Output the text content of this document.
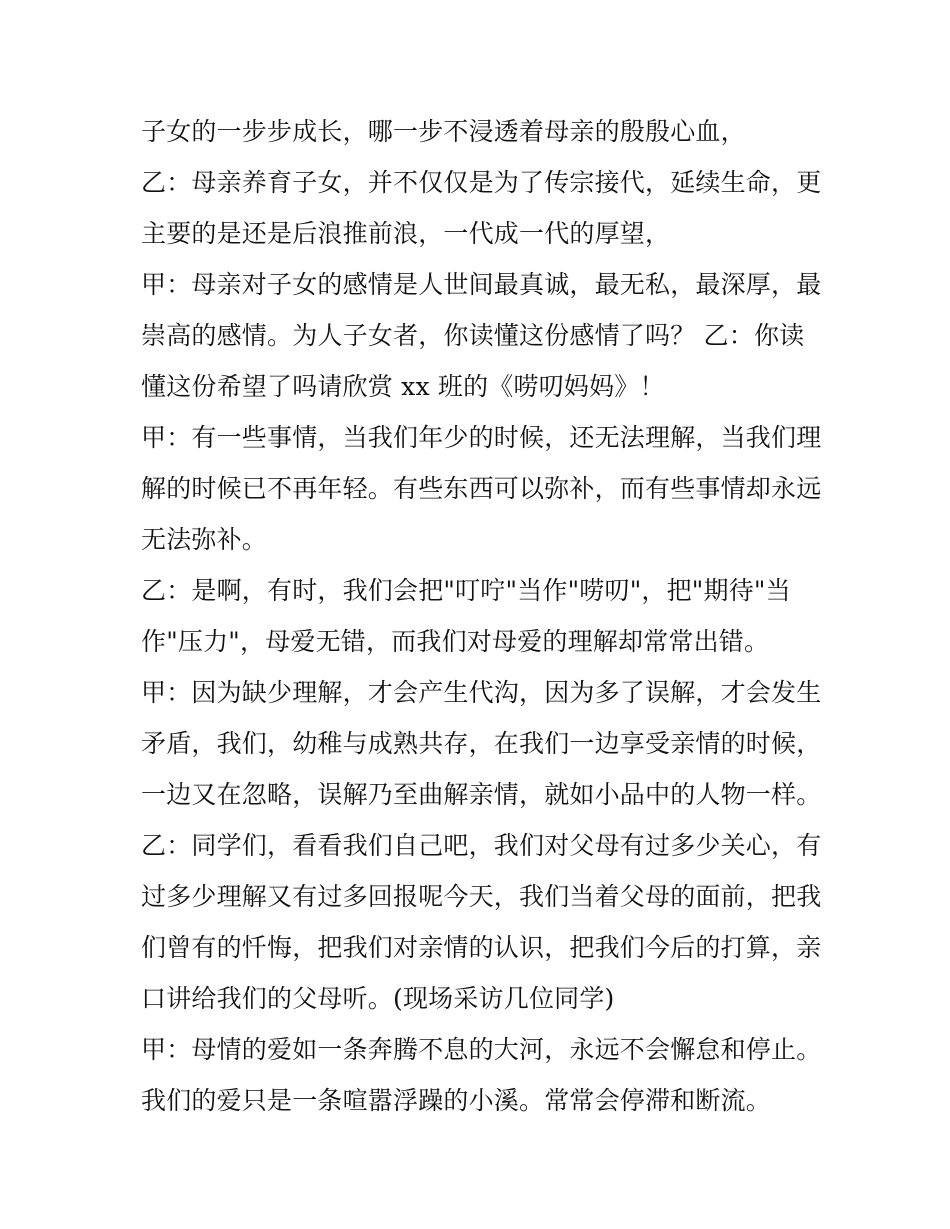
子女的一步步成长，哪一步不浸透着母亲的殷殷心血，
乙：母亲养育子女，并不仅仅是为了传宗接代，延续生命，更
主要的是还是后浪推前浪，一代成一代的厚望，
甲：母亲对子女的感情是人世间最真诚，最无私，最深厚，最
崇高的感情。为人子女者，你读懂这份感情了吗？ 乙：你读
懂这份希望了吗请欣赏 xx 班的《唠叨妈妈》！
甲：有一些事情，当我们年少的时候，还无法理解，当我们理
解的时候已不再年轻。有些东西可以弥补，而有些事情却永远
无法弥补。
乙：是啊，有时，我们会把"叮咛"当作"唠叨"，把"期待"当
作"压力"，母爱无错，而我们对母爱的理解却常常出错。
甲：因为缺少理解，才会产生代沟，因为多了误解，才会发生
矛盾，我们，幼稚与成熟共存，在我们一边享受亲情的时候，
一边又在忽略，误解乃至曲解亲情，就如小品中的人物一样。
乙：同学们，看看我们自己吧，我们对父母有过多少关心，有
过多少理解又有过多回报呢今天，我们当着父母的面前，把我
们曾有的忏悔，把我们对亲情的认识，把我们今后的打算，亲
口讲给我们的父母听。(现场采访几位同学)
甲：母情的爱如一条奔腾不息的大河，永远不会懈怠和停止。
我们的爱只是一条喧嚣浮躁的小溪。常常会停滞和断流。
